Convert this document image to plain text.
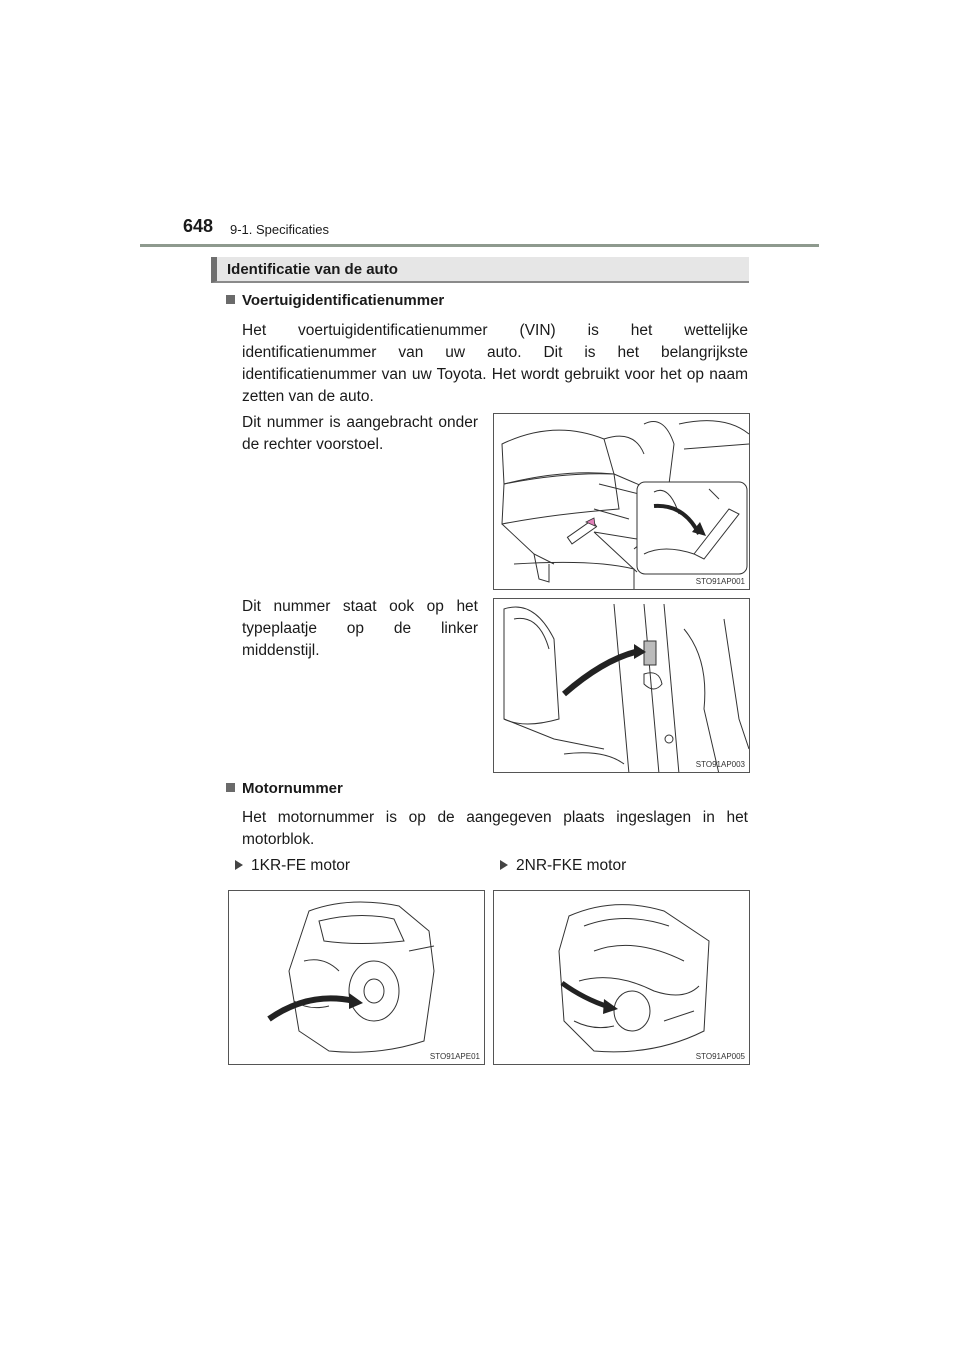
648 9-1. Specificaties
Identificatie van de auto
Voertuigidentificatienummer
Het voertuigidentificatienummer (VIN) is het wettelijke identificatienummer van uw auto. Dit is het belangrijkste identificatienummer van uw Toyota. Het wordt gebruikt voor het op naam zetten van de auto.
Dit nummer is aangebracht onder de rechter voorstoel.
STO91AP001
Dit nummer staat ook op het typeplaatje op de linker middenstijl.
STO91AP003
Motornummer
Het motornummer is op de aangegeven plaats ingeslagen in het motorblok.
1KR-FE motor	2NR-FKE motor
STO91APE01	STO91AP005
